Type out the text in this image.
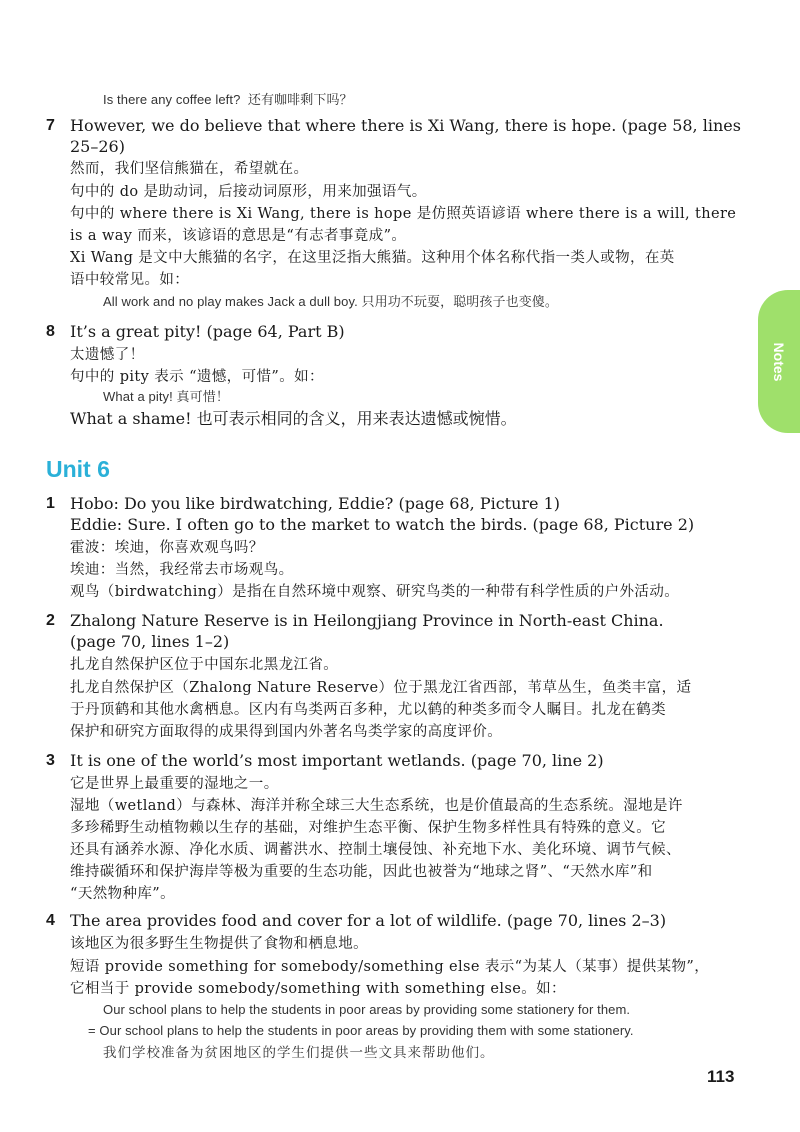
Notes
Is there any coffee left? 还有咖啡剩下吗？
7 However, we do believe that where there is Xi Wang, there is hope. (page 58, lines
25–26)
然而，我们坚信熊猫在，希望就在。
句中的 do 是助动词，后接动词原形，用来加强语气。
句中的 where there is Xi Wang, there is hope 是仿照英语谚语 where there is a will, there
is a way 而来，该谚语的意思是“有志者事竟成”。
Xi Wang 是文中大熊猫的名字，在这里泛指大熊猫。这种用个体名称代指一类人或物，在英
语中较常见。如：
All work and no play makes Jack a dull boy. 只用功不玩耍，聪明孩子也变傻。
8 It’s a great pity! (page 64, Part B)
太遗憾了！
句中的 pity 表示 “遗憾，可惜”。如：
What a pity! 真可惜！
What a shame! 也可表示相同的含义，用来表达遗憾或惋惜。
Unit 6
1 Hobo: Do you like birdwatching, Eddie? (page 68, Picture 1)
Eddie: Sure. I often go to the market to watch the birds. (page 68, Picture 2)
霍波：埃迪，你喜欢观鸟吗？
埃迪：当然，我经常去市场观鸟。
观鸟（birdwatching）是指在自然环境中观察、研究鸟类的一种带有科学性质的户外活动。
2 Zhalong Nature Reserve is in Heilongjiang Province in North-east China.
(page 70, lines 1–2)
扎龙自然保护区位于中国东北黑龙江省。
扎龙自然保护区（Zhalong Nature Reserve）位于黑龙江省西部，苇草丛生，鱼类丰富，适
于丹顶鹤和其他水禽栖息。区内有鸟类两百多种，尤以鹤的种类多而令人瞩目。扎龙在鹤类
保护和研究方面取得的成果得到国内外著名鸟类学家的高度评价。
3 It is one of the world’s most important wetlands. (page 70, line 2)
它是世界上最重要的湿地之一。
湿地（wetland）与森林、海洋并称全球三大生态系统，也是价值最高的生态系统。湿地是许
多珍稀野生动植物赖以生存的基础，对维护生态平衡、保护生物多样性具有特殊的意义。它
还具有涵养水源、净化水质、调蓄洪水、控制土壤侵蚀、补充地下水、美化环境、调节气候、
维持碳循环和保护海岸等极为重要的生态功能，因此也被誉为“地球之肾”、“天然水库”和
“天然物种库”。
4 The area provides food and cover for a lot of wildlife. (page 70, lines 2–3)
该地区为很多野生生物提供了食物和栖息地。
短语 provide something for somebody/something else 表示“为某人（某事）提供某物”，
它相当于 provide somebody/something with something else。如：
Our school plans to help the students in poor areas by providing some stationery for them.
= Our school plans to help the students in poor areas by providing them with some stationery.
我们学校准备为贫困地区的学生们提供一些文具来帮助他们。
113
